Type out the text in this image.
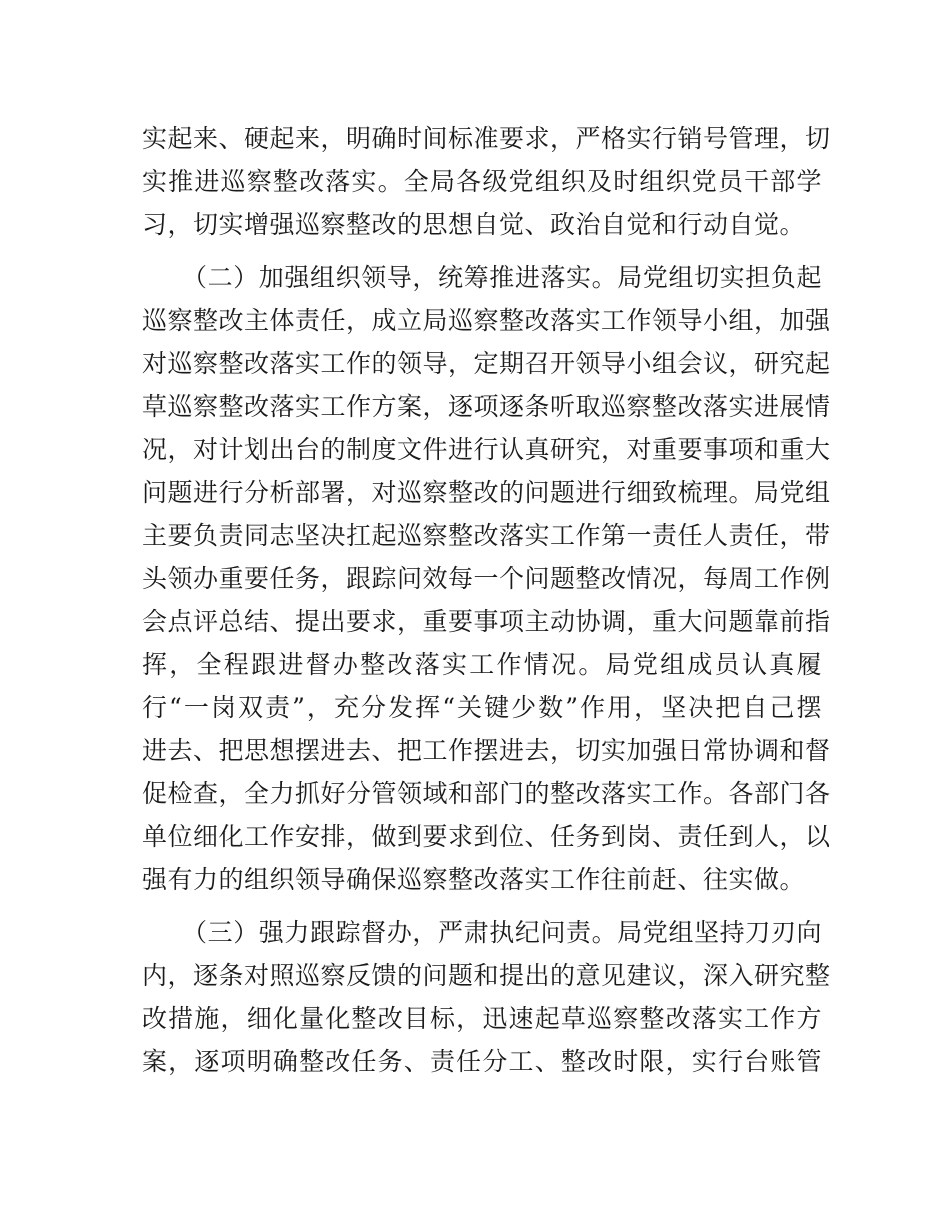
实起来、硬起来，明确时间标准要求，严格实行销号管理，切
实推进巡察整改落实。全局各级党组织及时组织党员干部学
习，切实增强巡察整改的思想自觉、政治自觉和行动自觉。
（二）加强组织领导，统筹推进落实。局党组切实担负起
巡察整改主体责任，成立局巡察整改落实工作领导小组，加强
对巡察整改落实工作的领导，定期召开领导小组会议，研究起
草巡察整改落实工作方案，逐项逐条听取巡察整改落实进展情
况，对计划出台的制度文件进行认真研究，对重要事项和重大
问题进行分析部署，对巡察整改的问题进行细致梳理。局党组
主要负责同志坚决扛起巡察整改落实工作第一责任人责任，带
头领办重要任务，跟踪问效每一个问题整改情况，每周工作例
会点评总结、提出要求，重要事项主动协调，重大问题靠前指
挥，全程跟进督办整改落实工作情况。局党组成员认真履
行“一岗双责”，充分发挥“关键少数”作用，坚决把自己摆
进去、把思想摆进去、把工作摆进去，切实加强日常协调和督
促检查，全力抓好分管领域和部门的整改落实工作。各部门各
单位细化工作安排，做到要求到位、任务到岗、责任到人，以
强有力的组织领导确保巡察整改落实工作往前赶、往实做。
（三）强力跟踪督办，严肃执纪问责。局党组坚持刀刃向
内，逐条对照巡察反馈的问题和提出的意见建议，深入研究整
改措施，细化量化整改目标，迅速起草巡察整改落实工作方
案，逐项明确整改任务、责任分工、整改时限，实行台账管
